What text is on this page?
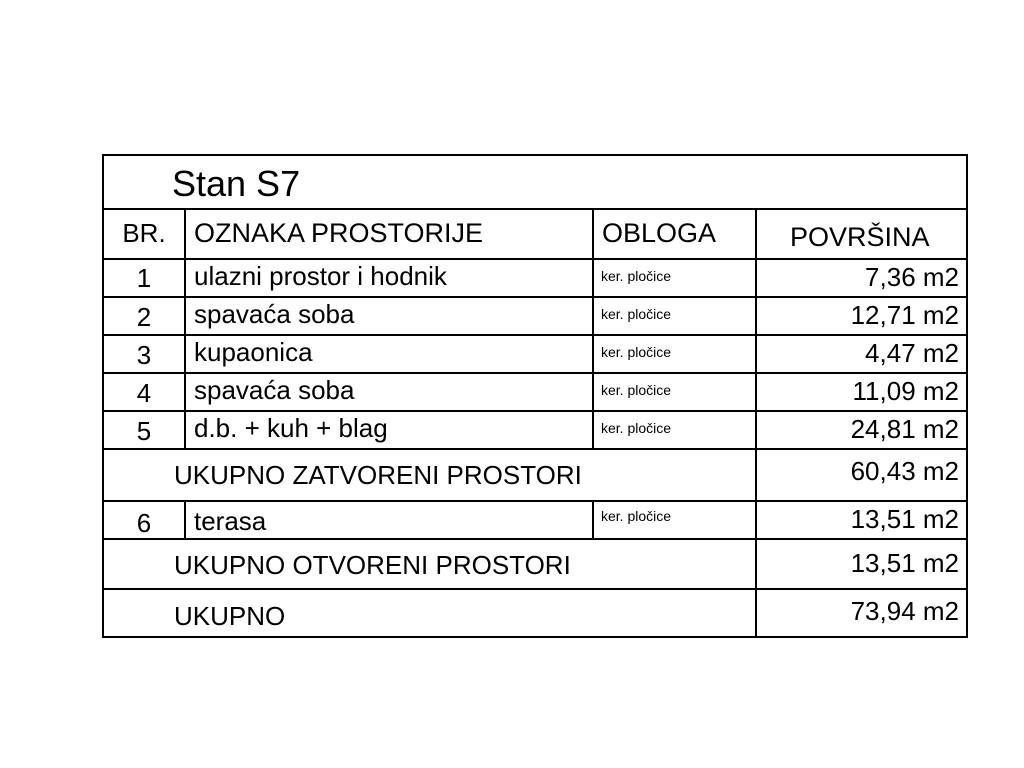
Stan S7
BR.	OZNAKA PROSTORIJE	OBLOGA	POVRŠINA
1	ulazni prostor i hodnik	ker. pločice	7,36 m2
2	spavaća soba	ker. pločice	12,71 m2
3	kupaonica	ker. pločice	4,47 m2
4	spavaća soba	ker. pločice	11,09 m2
5	d.b. + kuh + blag	ker. pločice	24,81 m2
UKUPNO ZATVORENI PROSTORI	60,43 m2
6	terasa	ker. pločice	13,51 m2
UKUPNO OTVORENI PROSTORI	13,51 m2
UKUPNO	73,94 m2
